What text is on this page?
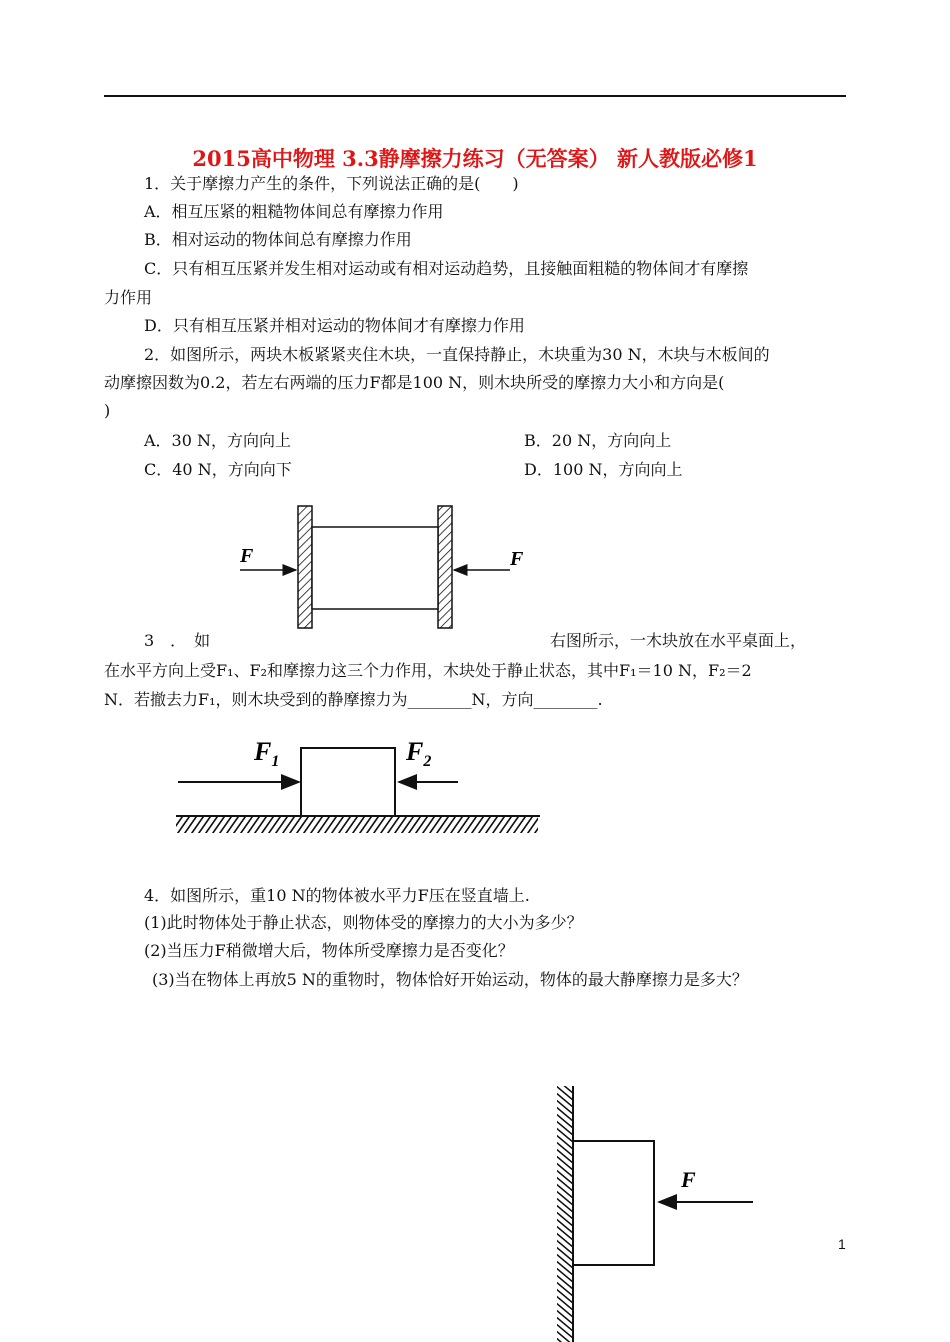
2015高中物理 3.3静摩擦力练习（无答案） 新人教版必修1
1．关于摩擦力产生的条件，下列说法正确的是(　　)
A．相互压紧的粗糙物体间总有摩擦力作用
B．相对运动的物体间总有摩擦力作用
C．只有相互压紧并发生相对运动或有相对运动趋势，且接触面粗糙的物体间才有摩擦
力作用
D．只有相互压紧并相对运动的物体间才有摩擦力作用
2．如图所示，两块木板紧紧夹住木块，一直保持静止，木块重为30 N，木块与木板间的
动摩擦因数为0.2，若左右两端的压力F都是100 N，则木块所受的摩擦力大小和方向是(
)
A．30 N，方向向上	B．20 N，方向向上
C．40 N，方向向下	D．100 N，方向向上
F	F
3　．　如	右图所示，一木块放在水平桌面上，
在水平方向上受F₁、F₂和摩擦力这三个力作用，木块处于静止状态，其中F₁＝10 N，F₂＝2
N．若撤去力F₁，则木块受到的静摩擦力为________N，方向________.
$F_1$	$F_2$
4．如图所示，重10 N的物体被水平力F压在竖直墙上.
(1)此时物体处于静止状态，则物体受的摩擦力的大小为多少？
(2)当压力F稍微增大后，物体所受摩擦力是否变化？
(3)当在物体上再放5 N的重物时，物体恰好开始运动，物体的最大静摩擦力是多大？
F
1
